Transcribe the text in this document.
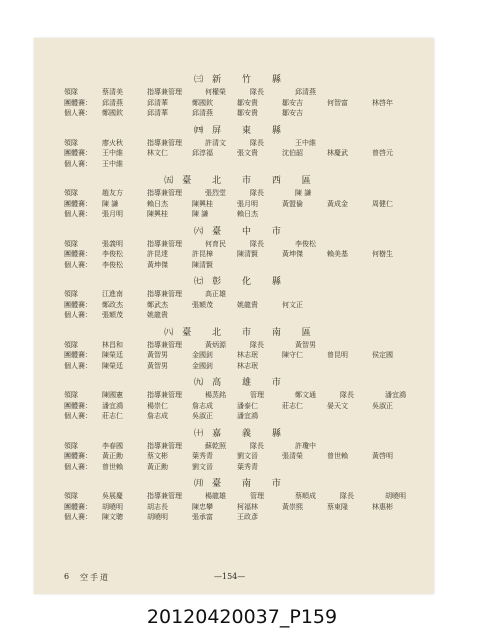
㈢新 竹 縣
領隊	蔡清美	指導兼管理	何權榮	隊長	邱清燕
團體賽：	邱清燕	邱清華	鄭國欽	鄒安貴	鄒安吉	何智富	林啓年
個人賽：	鄭國欽	邱清華	邱清燕	鄒安貴	鄒安吉
㈣屏 東 縣
領隊	廖火秋	指導兼管理	許清文	隊長	王中維
團體賽：	王中維	林文仁	邱淳福	張文貴	沈伯韶	林慶武	曾啓元
個人賽：	王中維
㈤臺 北 市 西 區
領隊	趙友方	指導兼管理	張烈堂	隊長	陳 謙
團體賽：	陳 謙	賴日杰	陳興桂	張月明	黃盟倫	黃成金	周健仁
個人賽：	張月明	陳興桂	陳 謙	賴日杰
㈥臺 中 市
領隊	張義明	指導兼管理	何育民	隊長	李俊松
團體賽：	李俊松	許昆達	許昆樟	陳清賢	黃坤傑	賴美基	何樹生
個人賽：	李俊松	黃坤傑	陳清賢
㈦彰 化 縣
領隊	江進南	指導兼管理	高正雄
團體賽：	鄭政杰	鄭武杰	張額茂	姚龍貴	何文正
個人賽：	張額茂	姚龍貴
㈧臺 北 市 南 區
領隊	林昌和	指導兼管理	黃炳源	隊長	黃智男
團體賽：	陳榮廷	黃智男	金國釗	林志珉	陳守仁	曾昆明	侯定國
個人賽：	陳榮廷	黃智男	金國釗	林志珉
㈨高 雄 市
領隊	陳國憲	指導兼管理	楊蒸銘	管理	鄭文通	隊長	潘宜鴻
團體賽：	潘宜鴻	楊崇仁	詹志成	潘泰仁	莊志仁	晏天文	吳淑正
個人賽：	莊志仁	詹志成	吳淑正	潘宜鴻
㈩嘉 義 縣
領隊	李春國	指導兼管理	蘇乾照	隊長	許瓊中
團體賽：	黃正勳	蔡文彬	葉秀青	劉文晉	張清榮	曾世賴	黃啓明
個人賽：	曾世賴	黃正勳	劉文晉	葉秀青
㈪臺 南 市
領隊	吳展慶	指導兼管理	楊龍雄	管理	蔡順成	隊長	胡曉明
團體賽：	胡曉明	胡志長	陳忠攀	柯福林	黃崇熙	蔡東隆	林惠彬
個人賽：	陳文聰	胡曉明	張承富	王政彥
6 空手道	—154—
20120420037_P159
